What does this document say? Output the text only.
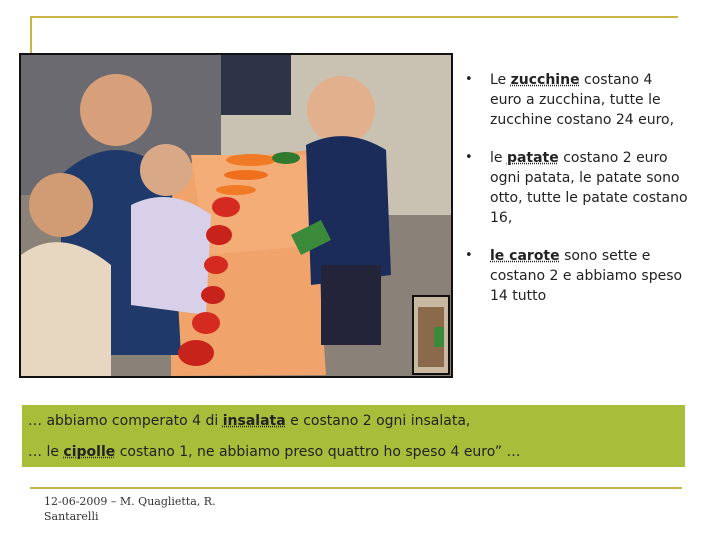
• Le zucchine costano 4 euro a zucchina, tutte le zucchine costano 24 euro,
• le patate costano 2 euro ogni patata, le patate sono otto, tutte le patate costano 16,
• le carote sono sette e costano 2 e abbiamo speso 14 tutto

… abbiamo comperato 4 di insalata e costano 2 ogni insalata,

… le cipolle costano 1, ne abbiamo preso quattro ho speso 4 euro” …

12-06-2009 – M. Quaglietta, R. Santarelli
